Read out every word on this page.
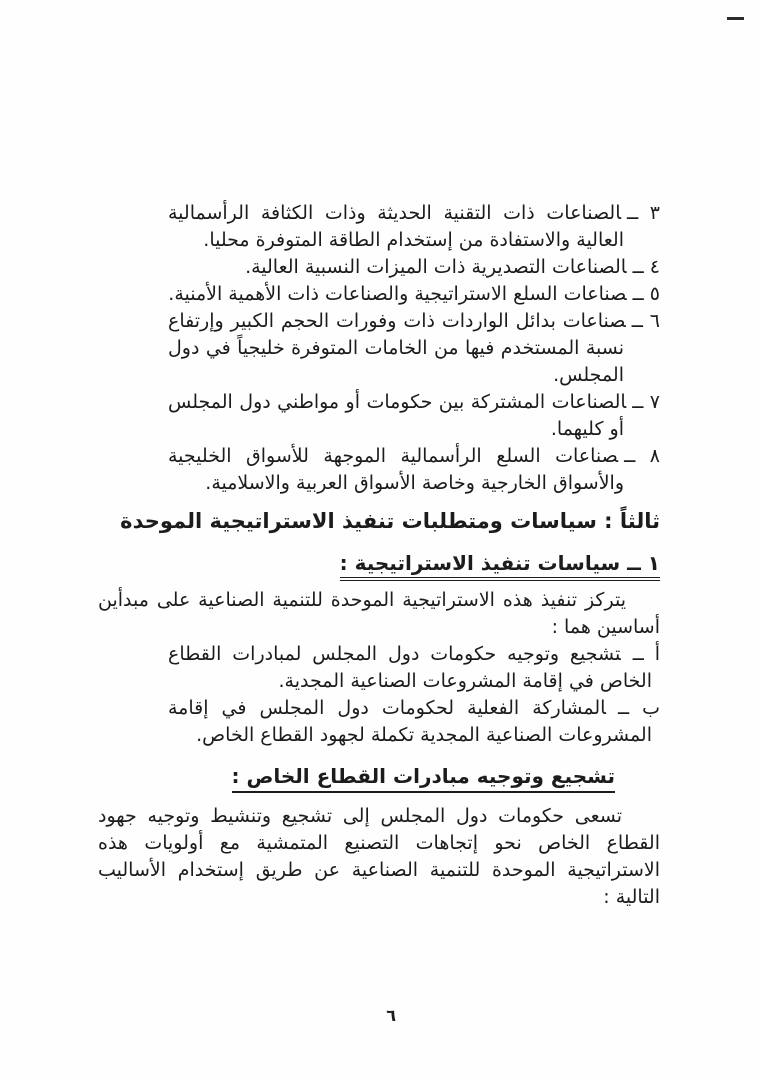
٣ ــالصناعات ذات التقنية الحديثة وذات الكثافة الرأسمالية العالية والاستفادة من إستخدام الطاقة المتوفرة محليا.
٤ ــالصناعات التصديرية ذات الميزات النسبية العالية.
٥ ــصناعات السلع الاستراتيجية والصناعات ذات الأهمية الأمنية.
٦ ــصناعات بدائل الواردات ذات وفورات الحجم الكبير وإرتفاع نسبة المستخدم فيها من الخامات المتوفرة خليجياً في دول المجلس.
٧ ــالصناعات المشتركة بين حكومات أو مواطني دول المجلس أو كليهما.
٨ ــصناعات السلع الرأسمالية الموجهة للأسواق الخليجية والأسواق الخارجية وخاصة الأسواق العربية والاسلامية.
ثالثاً : سياسات ومتطلبات تنفيذ الاستراتيجية الموحدة
١ ــ سياسات تنفيذ الاستراتيجية :

يتركز تنفيذ هذه الاستراتيجية الموحدة للتنمية الصناعية على مبدأين أساسين هما :

أ ــتشجيع وتوجيه حكومات دول المجلس لمبادرات القطاع الخاص في إقامة المشروعات الصناعية المجدية.
ب ــالمشاركة الفعلية لحكومات دول المجلس في إقامة المشروعات الصناعية المجدية تكملة لجهود القطاع الخاص.
تشجيع وتوجيه مبادرات القطاع الخاص :

تسعى حكومات دول المجلس إلى تشجيع وتنشيط وتوجيه جهود القطاع الخاص نحو إتجاهات التصنيع المتمشية مع أولويات هذه الاستراتيجية الموحدة للتنمية الصناعية عن طريق إستخدام الأساليب التالية :

٦
